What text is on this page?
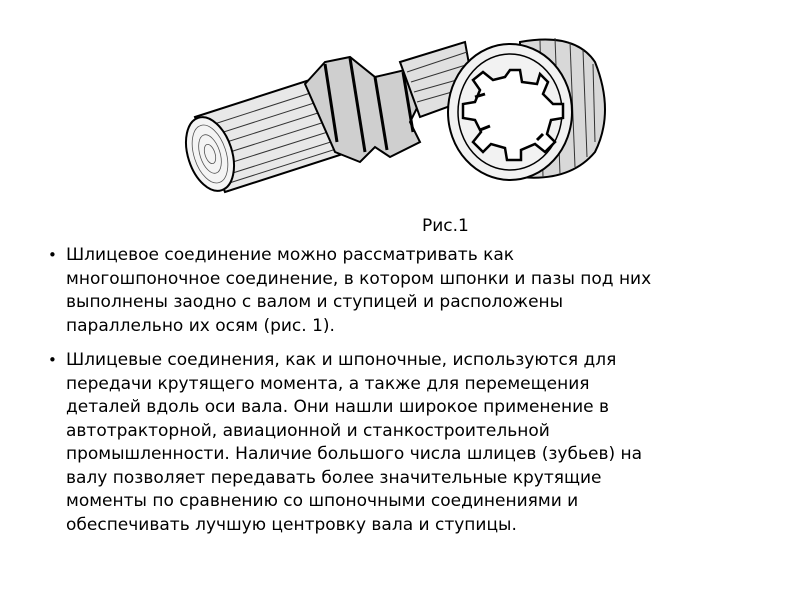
Рис.1
• Шлицевое соединение можно рассматривать как
многошпоночное соединение, в котором шпонки и пазы под них
выполнены заодно с валом и ступицей и расположены
параллельно их осям (рис. 1).
• Шлицевые соединения, как и шпоночные, используются для
передачи крутящего момента, а также для перемещения
деталей вдоль оси вала. Они нашли широкое применение в
автотракторной, авиационной и станкостроительной
промышленности. Наличие большого числа шлицев (зубьев) на
валу позволяет передавать более значительные крутящие
моменты по сравнению со шпоночными соединениями и
обеспечивать лучшую центровку вала и ступицы.
